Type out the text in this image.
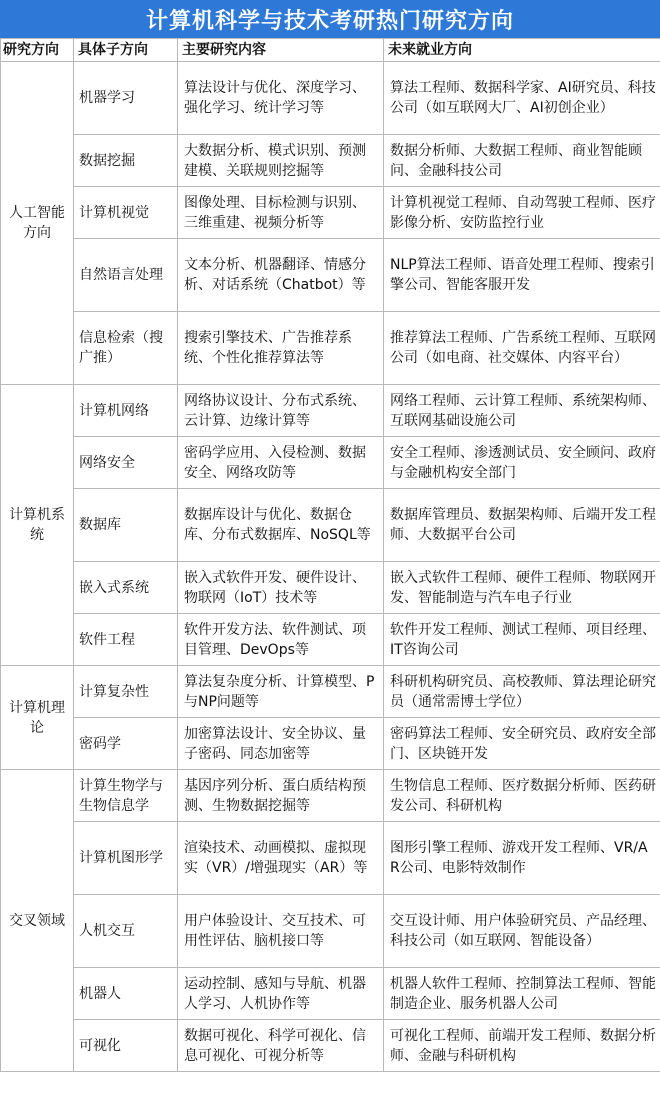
计算机科学与技术考研热门研究方向
研究方向	具体子方向	主要研究内容	未来就业方向
人工智能方向	机器学习	算法设计与优化、深度学习、强化学习、统计学习等	算法工程师、数据科学家、AI研究员、科技公司（如互联网大厂、AI初创企业）
	数据挖掘	大数据分析、模式识别、预测建模、关联规则挖掘等	数据分析师、大数据工程师、商业智能顾问、金融科技公司
	计算机视觉	图像处理、目标检测与识别、三维重建、视频分析等	计算机视觉工程师、自动驾驶工程师、医疗影像分析、安防监控行业
	自然语言处理	文本分析、机器翻译、情感分析、对话系统（Chatbot）等	NLP算法工程师、语音处理工程师、搜索引擎公司、智能客服开发
	信息检索（搜广推）	搜索引擎技术、广告推荐系统、个性化推荐算法等	推荐算法工程师、广告系统工程师、互联网公司（如电商、社交媒体、内容平台）
计算机系统	计算机网络	网络协议设计、分布式系统、云计算、边缘计算等	网络工程师、云计算工程师、系统架构师、互联网基础设施公司
	网络安全	密码学应用、入侵检测、数据安全、网络攻防等	安全工程师、渗透测试员、安全顾问、政府与金融机构安全部门
	数据库	数据库设计与优化、数据仓库、分布式数据库、NoSQL等	数据库管理员、数据架构师、后端开发工程师、大数据平台公司
	嵌入式系统	嵌入式软件开发、硬件设计、物联网（IoT）技术等	嵌入式软件工程师、硬件工程师、物联网开发、智能制造与汽车电子行业
	软件工程	软件开发方法、软件测试、项目管理、DevOps等	软件开发工程师、测试工程师、项目经理、IT咨询公司
计算机理论	计算复杂性	算法复杂度分析、计算模型、P与NP问题等	科研机构研究员、高校教师、算法理论研究员（通常需博士学位）
	密码学	加密算法设计、安全协议、量子密码、同态加密等	密码算法工程师、安全研究员、政府安全部门、区块链开发
交叉领域	计算生物学与生物信息学	基因序列分析、蛋白质结构预测、生物数据挖掘等	生物信息工程师、医疗数据分析师、医药研发公司、科研机构
	计算机图形学	渲染技术、动画模拟、虚拟现实（VR）/增强现实（AR）等	图形引擎工程师、游戏开发工程师、VR/AR公司、电影特效制作
	人机交互	用户体验设计、交互技术、可用性评估、脑机接口等	交互设计师、用户体验研究员、产品经理、科技公司（如互联网、智能设备）
	机器人	运动控制、感知与导航、机器人学习、人机协作等	机器人软件工程师、控制算法工程师、智能制造企业、服务机器人公司
	可视化	数据可视化、科学可视化、信息可视化、可视分析等	可视化工程师、前端开发工程师、数据分析师、金融与科研机构
